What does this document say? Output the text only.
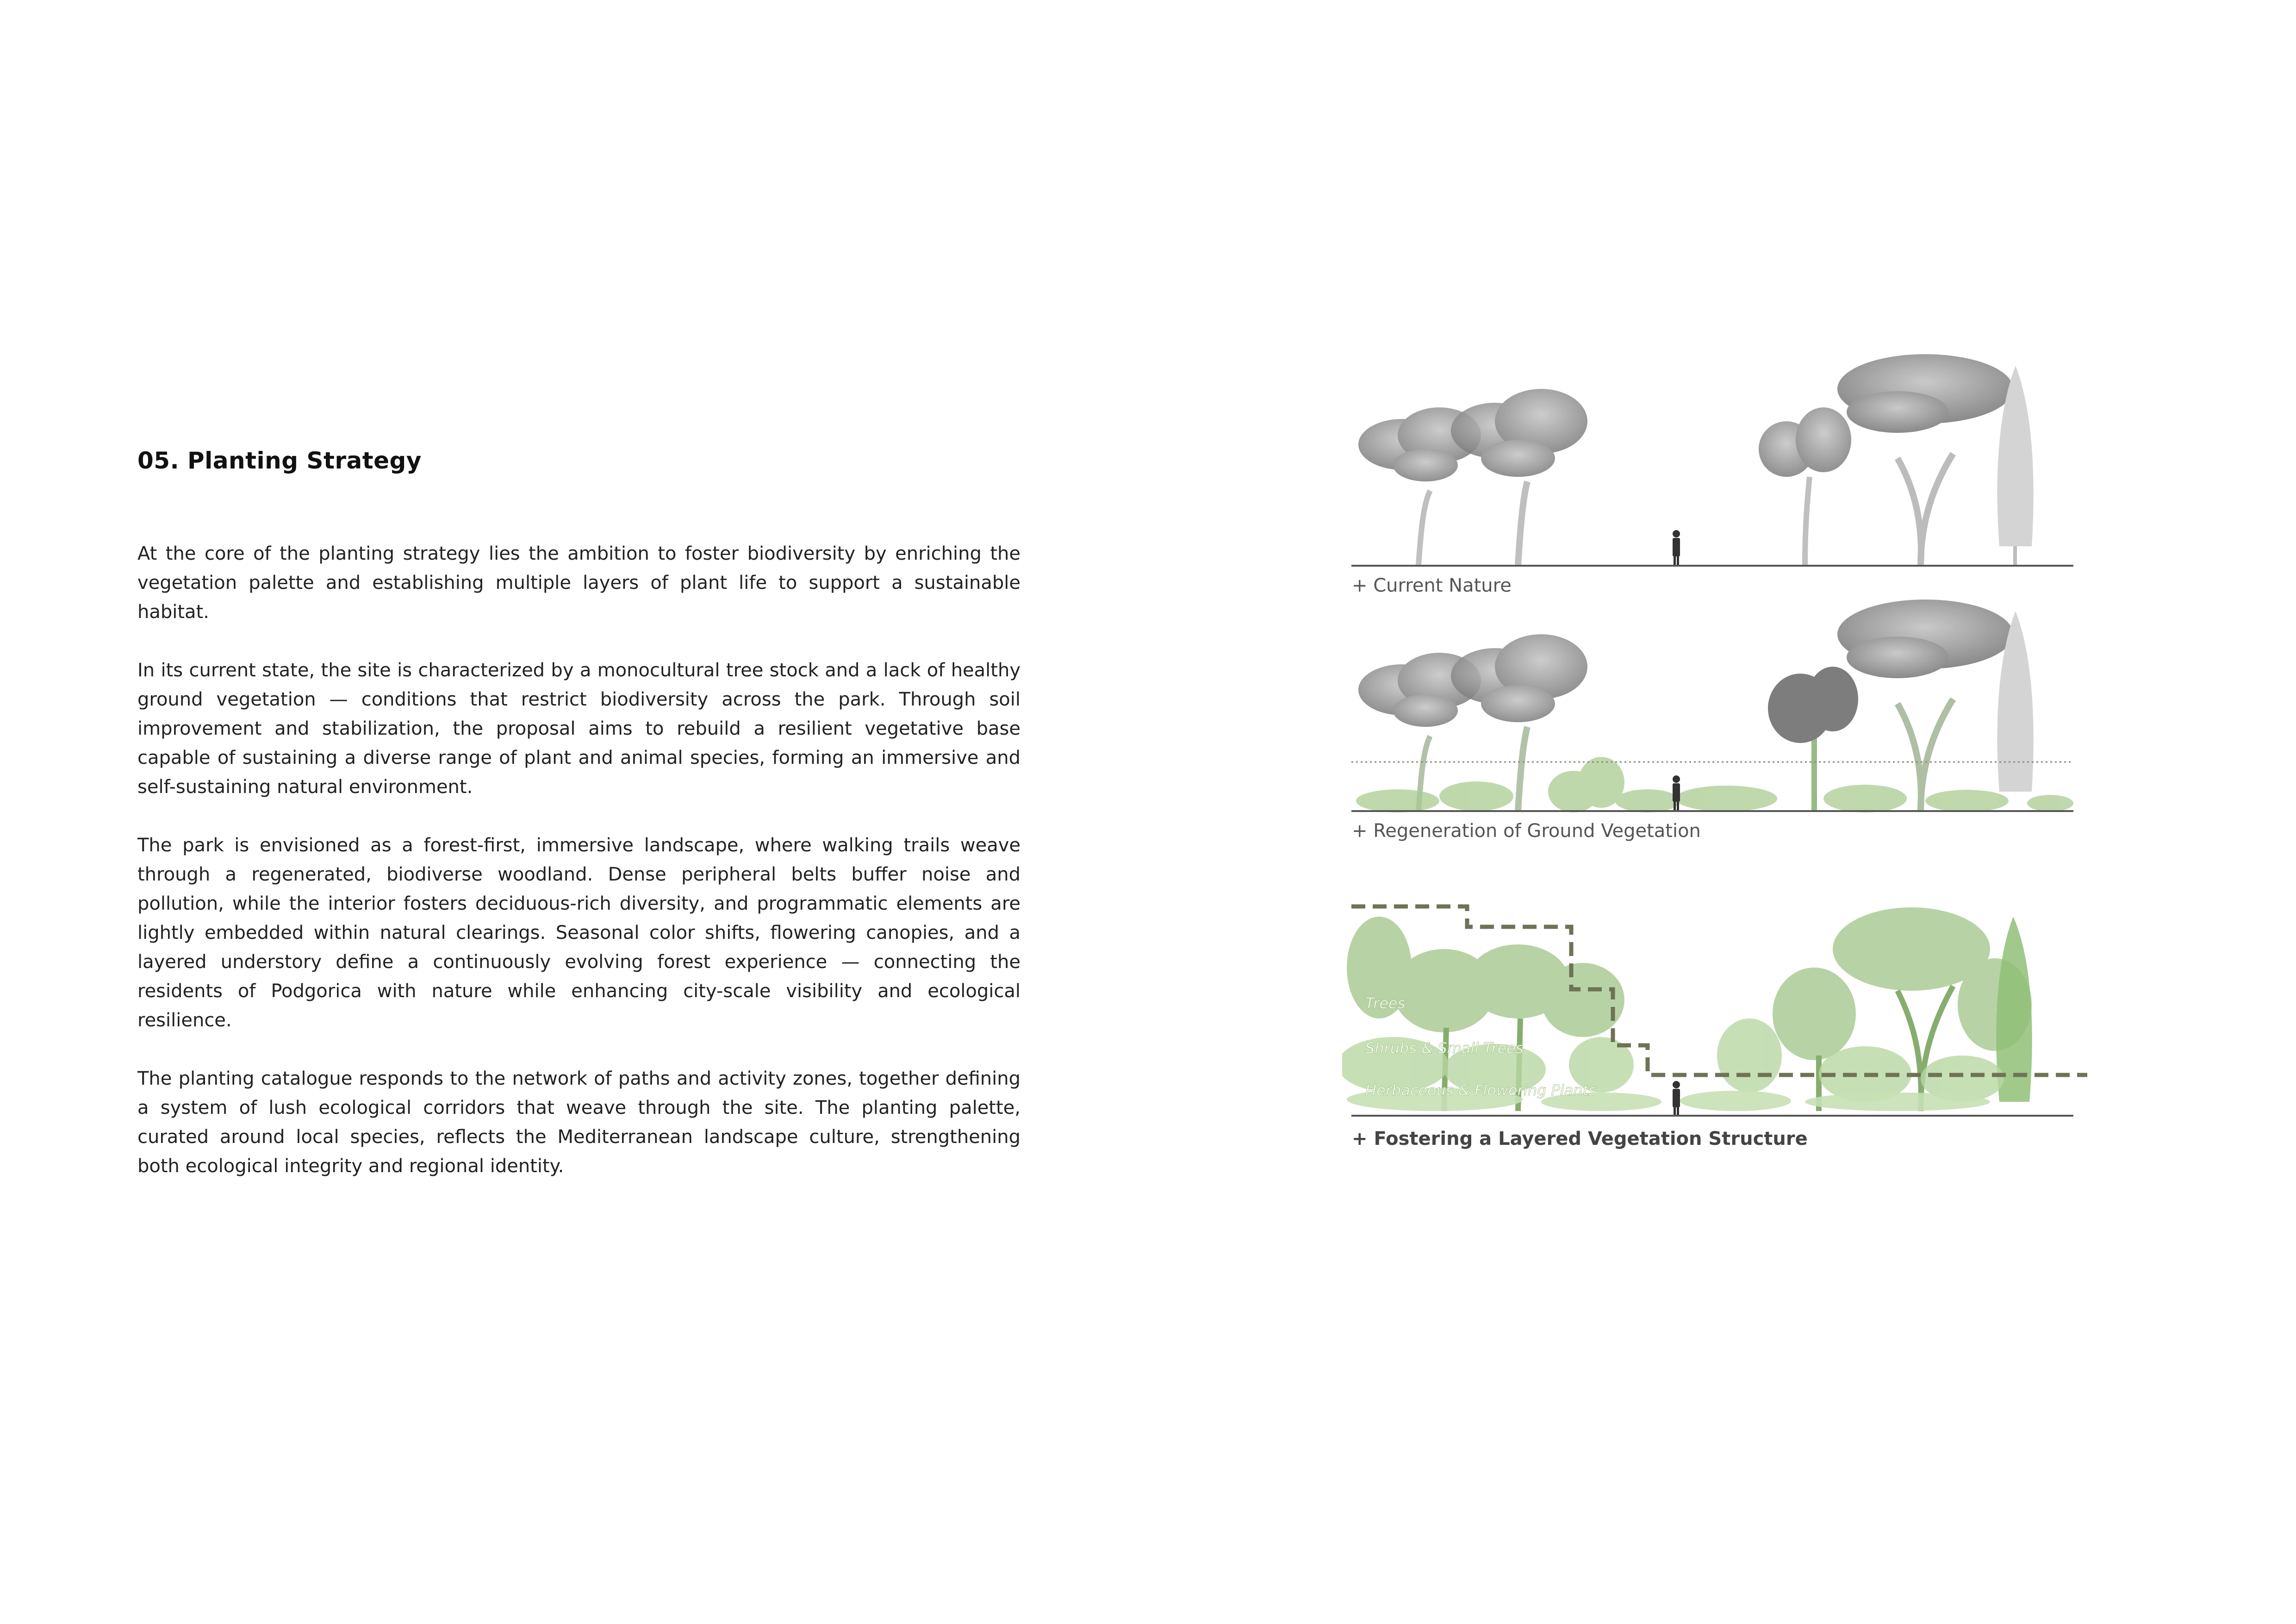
05. Planting Strategy

At the core of the planting strategy lies the ambition to foster biodiversity by enriching the vegetation palette and establishing multiple layers of plant life to support a sustainable habitat.

In its current state, the site is characterized by a monocultural tree stock and a lack of healthy ground vegetation — conditions that restrict biodiversity across the park. Through soil improvement and stabilization, the proposal aims to rebuild a resilient vegetative base capable of sustaining a diverse range of plant and animal species, forming an immersive and self-sustaining natural environment.

The park is envisioned as a forest-first, immersive landscape, where walking trails weave through a regenerated, biodiverse woodland. Dense peripheral belts buffer noise and pollution, while the interior fosters deciduous-rich diversity, and programmatic elements are lightly embedded within natural clearings. Seasonal color shifts, flowering canopies, and a layered understory define a continuously evolving forest experience — connecting the residents of Podgorica with nature while enhancing city-scale visibility and ecological resilience.

The planting catalogue responds to the network of paths and activity zones, together defining a system of lush ecological corridors that weave through the site. The planting palette, curated around local species, reflects the Mediterranean landscape culture, strengthening both ecological integrity and regional identity.

+ Current Nature
+ Regeneration of Ground Vegetation
Trees
Shrubs & Small Trees
Herbaceous & Flowering Plants
+ Fostering a Layered Vegetation Structure
